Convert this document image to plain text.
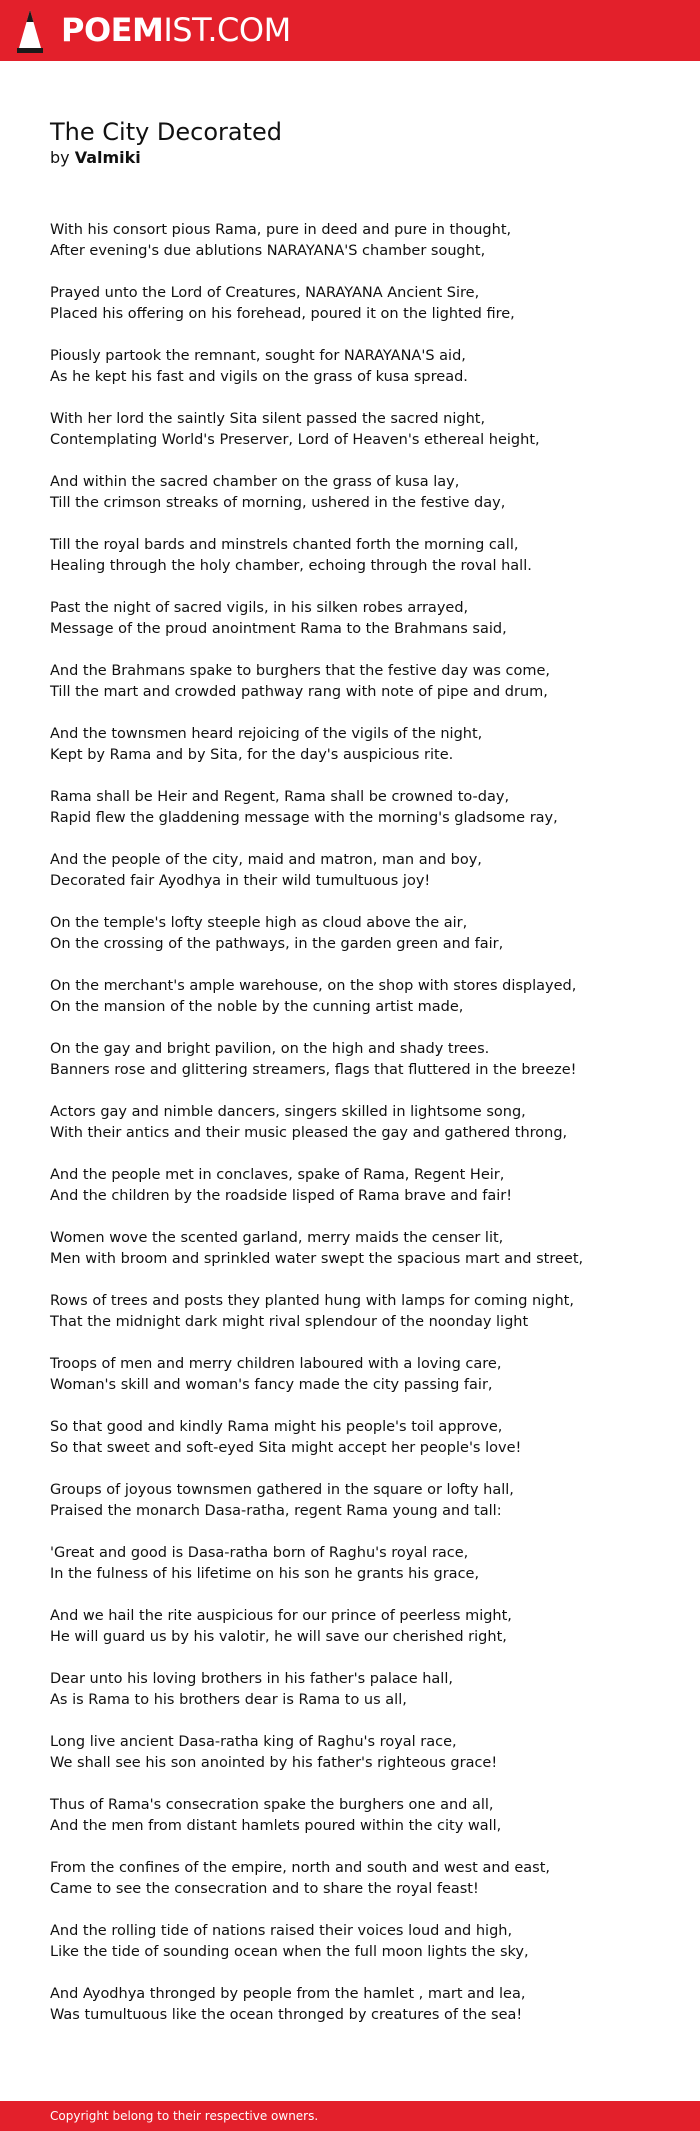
POEMIST.COM
The City Decorated
by Valmiki
With his consort pious Rama, pure in deed and pure in thought,
After evening's due ablutions NARAYANA'S chamber sought,
Prayed unto the Lord of Creatures, NARAYANA Ancient Sire,
Placed his offering on his forehead, poured it on the lighted fire,
Piously partook the remnant, sought for NARAYANA'S aid,
As he kept his fast and vigils on the grass of kusa spread.
With her lord the saintly Sita silent passed the sacred night,
Contemplating World's Preserver, Lord of Heaven's ethereal height,
And within the sacred chamber on the grass of kusa lay,
Till the crimson streaks of morning, ushered in the festive day,
Till the royal bards and minstrels chanted forth the morning call,
Healing through the holy chamber, echoing through the roval hall.
Past the night of sacred vigils, in his silken robes arrayed,
Message of the proud anointment Rama to the Brahmans said,
And the Brahmans spake to burghers that the festive day was come,
Till the mart and crowded pathway rang with note of pipe and drum,
And the townsmen heard rejoicing of the vigils of the night,
Kept by Rama and by Sita, for the day's auspicious rite.
Rama shall be Heir and Regent, Rama shall be crowned to-day,
Rapid flew the gladdening message with the morning's gladsome ray,
And the people of the city, maid and matron, man and boy,
Decorated fair Ayodhya in their wild tumultuous joy!
On the temple's lofty steeple high as cloud above the air,
On the crossing of the pathways, in the garden green and fair,
On the merchant's ample warehouse, on the shop with stores displayed,
On the mansion of the noble by the cunning artist made,
On the gay and bright pavilion, on the high and shady trees.
Banners rose and glittering streamers, flags that fluttered in the breeze!
Actors gay and nimble dancers, singers skilled in lightsome song,
With their antics and their music pleased the gay and gathered throng,
And the people met in conclaves, spake of Rama, Regent Heir,
And the children by the roadside lisped of Rama brave and fair!
Women wove the scented garland, merry maids the censer lit,
Men with broom and sprinkled water swept the spacious mart and street,
Rows of trees and posts they planted hung with lamps for coming night,
That the midnight dark might rival splendour of the noonday light
Troops of men and merry children laboured with a loving care,
Woman's skill and woman's fancy made the city passing fair,
So that good and kindly Rama might his people's toil approve,
So that sweet and soft-eyed Sita might accept her people's love!
Groups of joyous townsmen gathered in the square or lofty hall,
Praised the monarch Dasa-ratha, regent Rama young and tall:
'Great and good is Dasa-ratha born of Raghu's royal race,
In the fulness of his lifetime on his son he grants his grace,
And we hail the rite auspicious for our prince of peerless might,
He will guard us by his valotir, he will save our cherished right,
Dear unto his loving brothers in his father's palace hall,
As is Rama to his brothers dear is Rama to us all,
Long live ancient Dasa-ratha king of Raghu's royal race,
We shall see his son anointed by his father's righteous grace!
Thus of Rama's consecration spake the burghers one and all,
And the men from distant hamlets poured within the city wall,
From the confines of the empire, north and south and west and east,
Came to see the consecration and to share the royal feast!
And the rolling tide of nations raised their voices loud and high,
Like the tide of sounding ocean when the full moon lights the sky,
And Ayodhya thronged by people from the hamlet , mart and lea,
Was tumultuous like the ocean thronged by creatures of the sea!
Copyright belong to their respective owners.
